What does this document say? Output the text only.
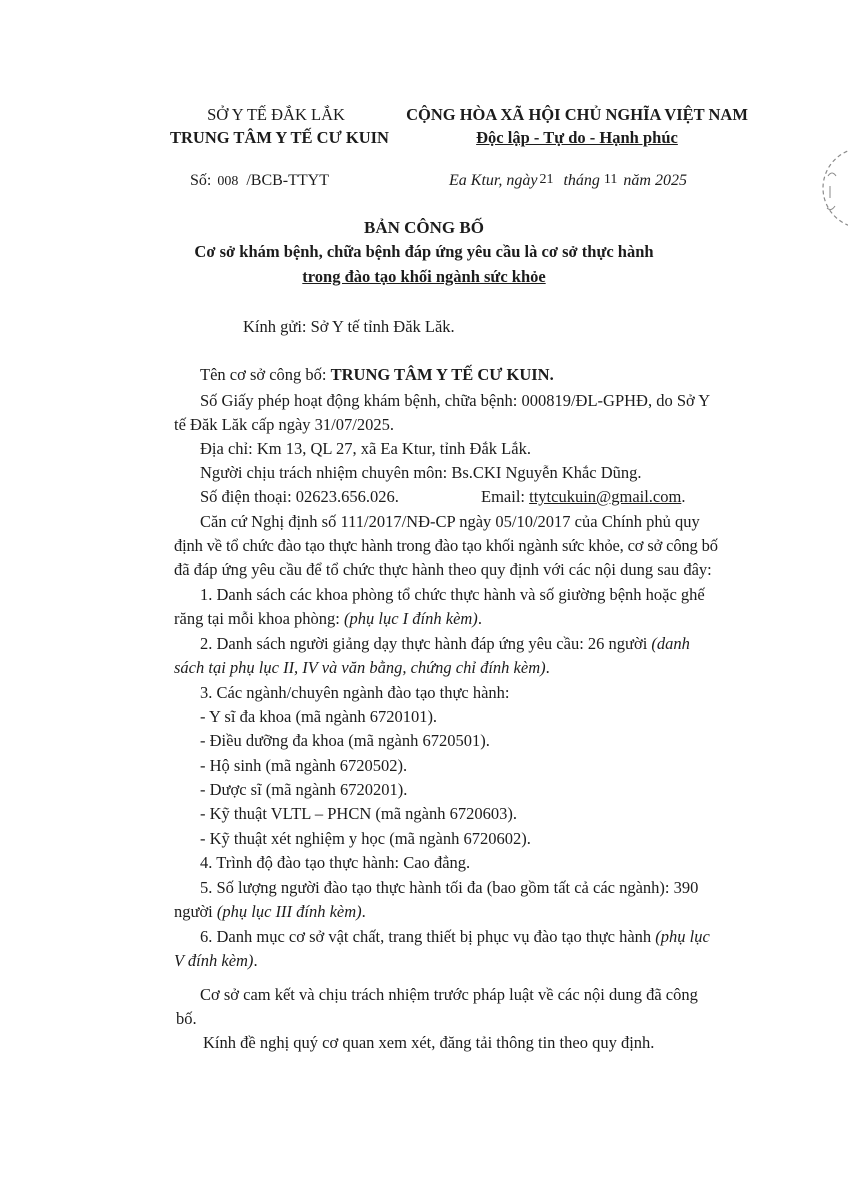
SỞ Y TẾ ĐẮK LẮK
TRUNG TÂM Y TẾ CƯ KUIN
CỘNG HÒA XÃ HỘI CHỦ NGHĨA VIỆT NAM
Độc lập - Tự do - Hạnh phúc
Số: 008 /BCB-TTYT	Ea Ktur, ngày 21 tháng 11 năm 2025
BẢN CÔNG BỐ
Cơ sở khám bệnh, chữa bệnh đáp ứng yêu cầu là cơ sở thực hành
trong đào tạo khối ngành sức khỏe
Kính gửi: Sở Y tế tỉnh Đăk Lăk.
Tên cơ sở công bố: TRUNG TÂM Y TẾ CƯ KUIN.
Số Giấy phép hoạt động khám bệnh, chữa bệnh: 000819/ĐL-GPHĐ, do Sở Y
tế Đăk Lăk cấp ngày 31/07/2025.
Địa chỉ: Km 13, QL 27, xã Ea Ktur, tỉnh Đắk Lắk.
Người chịu trách nhiệm chuyên môn: Bs.CKI Nguyễn Khắc Dũng.
Số điện thoại: 02623.656.026.	Email: ttytcukuin@gmail.com.
Căn cứ Nghị định số 111/2017/NĐ-CP ngày 05/10/2017 của Chính phủ quy
định về tổ chức đào tạo thực hành trong đào tạo khối ngành sức khỏe, cơ sở công bố
đã đáp ứng yêu cầu để tổ chức thực hành theo quy định với các nội dung sau đây:
1. Danh sách các khoa phòng tổ chức thực hành và số giường bệnh hoặc ghế
răng tại mỗi khoa phòng: (phụ lục I đính kèm).
2. Danh sách người giảng dạy thực hành đáp ứng yêu cầu: 26 người (danh
sách tại phụ lục II, IV và văn bằng, chứng chỉ đính kèm).
3. Các ngành/chuyên ngành đào tạo thực hành:
- Y sĩ đa khoa (mã ngành 6720101).
- Điều dưỡng đa khoa (mã ngành 6720501).
- Hộ sinh (mã ngành 6720502).
- Dược sĩ (mã ngành 6720201).
- Kỹ thuật VLTL – PHCN (mã ngành 6720603).
- Kỹ thuật xét nghiệm y học (mã ngành 6720602).
4. Trình độ đào tạo thực hành: Cao đẳng.
5. Số lượng người đào tạo thực hành tối đa (bao gồm tất cả các ngành): 390
người (phụ lục III đính kèm).
6. Danh mục cơ sở vật chất, trang thiết bị phục vụ đào tạo thực hành (phụ lục
V đính kèm).
Cơ sở cam kết và chịu trách nhiệm trước pháp luật về các nội dung đã công
bố.
Kính đề nghị quý cơ quan xem xét, đăng tải thông tin theo quy định.
